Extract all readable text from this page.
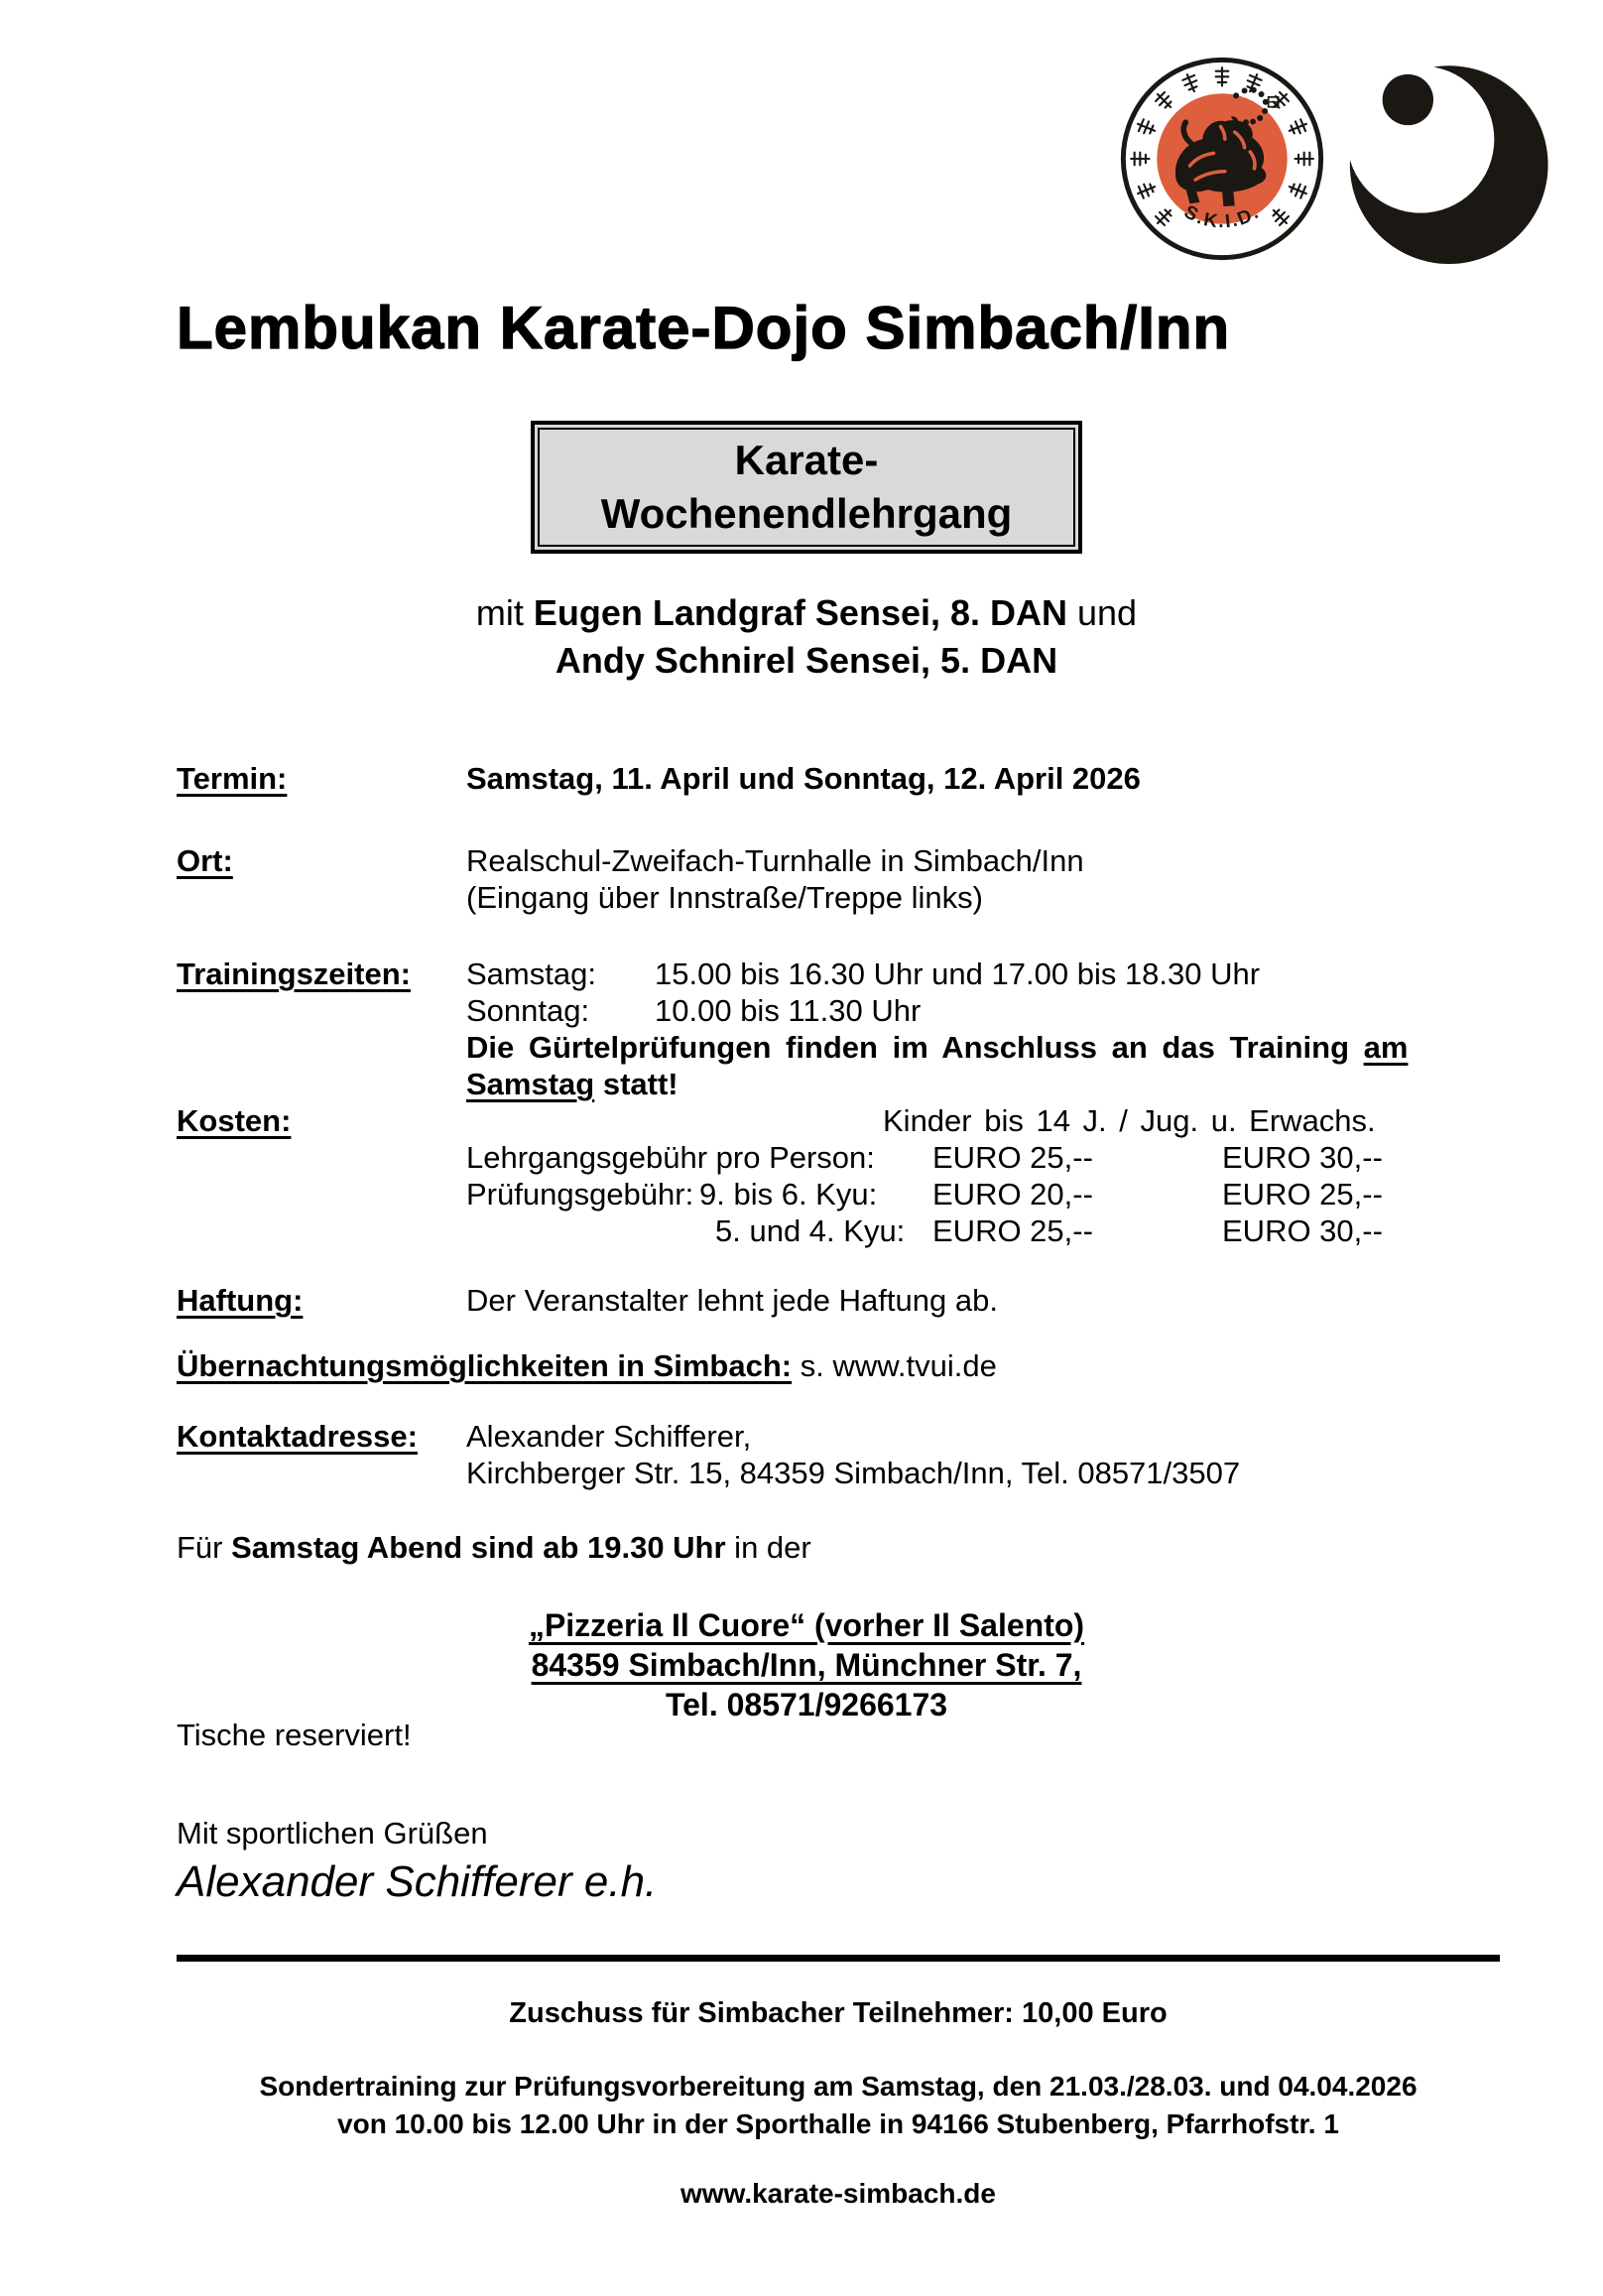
S.K.I.D.
Lembukan Karate-Dojo Simbach/Inn
Karate-
Wochenendlehrgang
mit Eugen Landgraf Sensei, 8. DAN und
Andy Schnirel Sensei, 5. DAN
Termin:	Samstag, 11. April und Sonntag, 12. April 2026
Ort:	Realschul-Zweifach-Turnhalle in Simbach/Inn
(Eingang über Innstraße/Treppe links)
Trainingszeiten:	Samstag:	15.00 bis 16.30 Uhr und 17.00 bis 18.30 Uhr
Sonntag:	10.00 bis 11.30 Uhr
Die Gürtelprüfungen finden im Anschluss an das Training am
Samstag statt!
Kosten:	Kinder bis 14 J. / Jug. u. Erwachs.
Lehrgangsgebühr pro Person:	EURO 25,--	EURO 30,--
Prüfungsgebühr: 9. bis 6. Kyu:	EURO 20,--	EURO 25,--
5. und 4. Kyu: EURO 25,--	EURO 30,--
Haftung:	Der Veranstalter lehnt jede Haftung ab.
Übernachtungsmöglichkeiten in Simbach: s. www.tvui.de
Kontaktadresse:	Alexander Schifferer,
Kirchberger Str. 15, 84359 Simbach/Inn, Tel. 08571/3507
Für Samstag Abend sind ab 19.30 Uhr in der
„Pizzeria Il Cuore“ (vorher Il Salento)
84359 Simbach/Inn, Münchner Str. 7,
Tel. 08571/9266173
Tische reserviert!
Mit sportlichen Grüßen
Alexander Schifferer e.h.
Zuschuss für Simbacher Teilnehmer: 10,00 Euro
Sondertraining zur Prüfungsvorbereitung am Samstag, den 21.03./28.03. und 04.04.2026
von 10.00 bis 12.00 Uhr in der Sporthalle in 94166 Stubenberg, Pfarrhofstr. 1
www.karate-simbach.de
